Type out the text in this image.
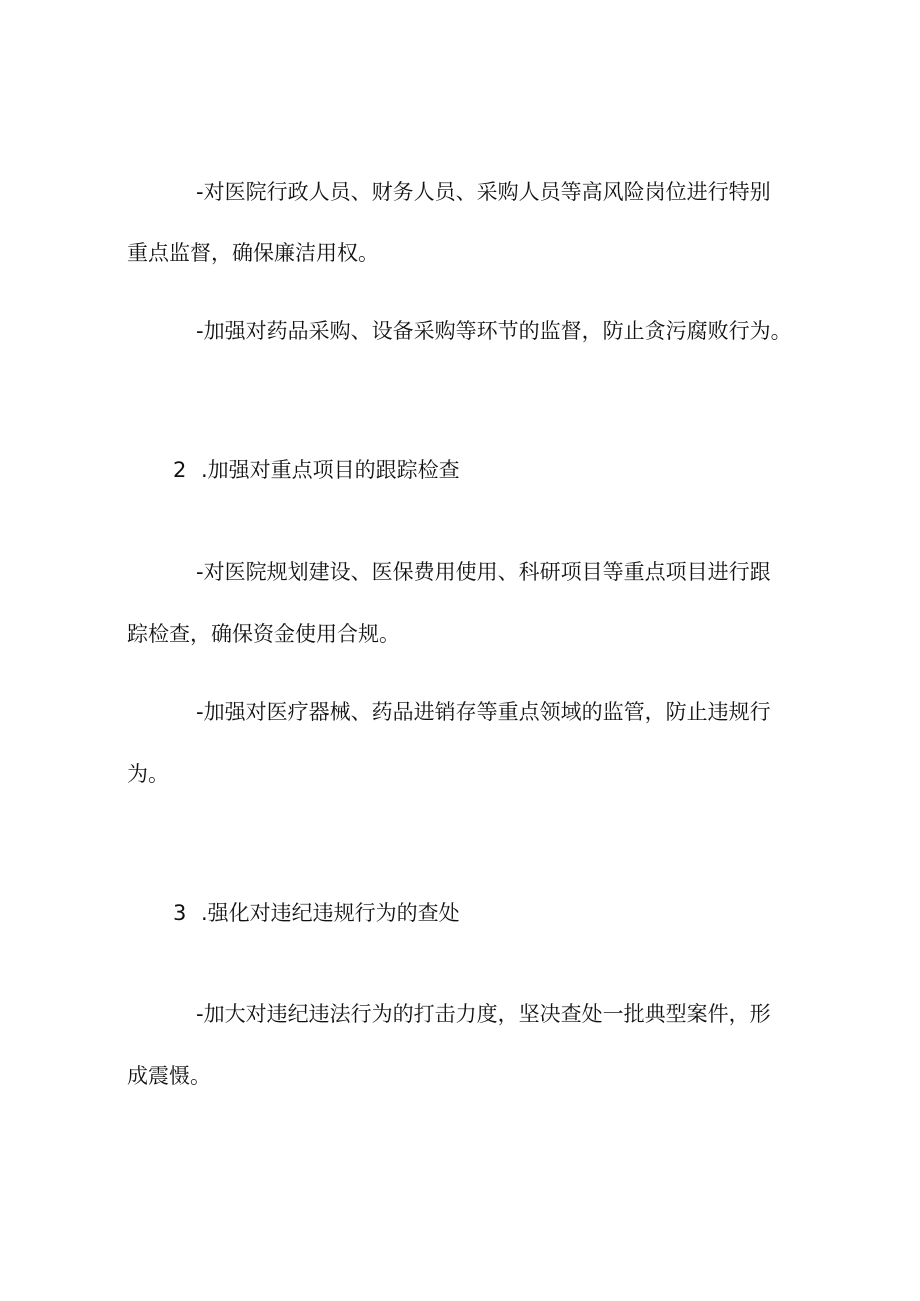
-对医院行政人员、财务人员、采购人员等高风险岗位进行特别
重点监督，确保廉洁用权。
-加强对药品采购、设备采购等环节的监督，防止贪污腐败行为。
2 .加强对重点项目的跟踪检查
-对医院规划建设、医保费用使用、科研项目等重点项目进行跟
踪检查，确保资金使用合规。
-加强对医疗器械、药品进销存等重点领域的监管，防止违规行
为。
3 .强化对违纪违规行为的查处
-加大对违纪违法行为的打击力度，坚决查处一批典型案件，形
成震慑。
